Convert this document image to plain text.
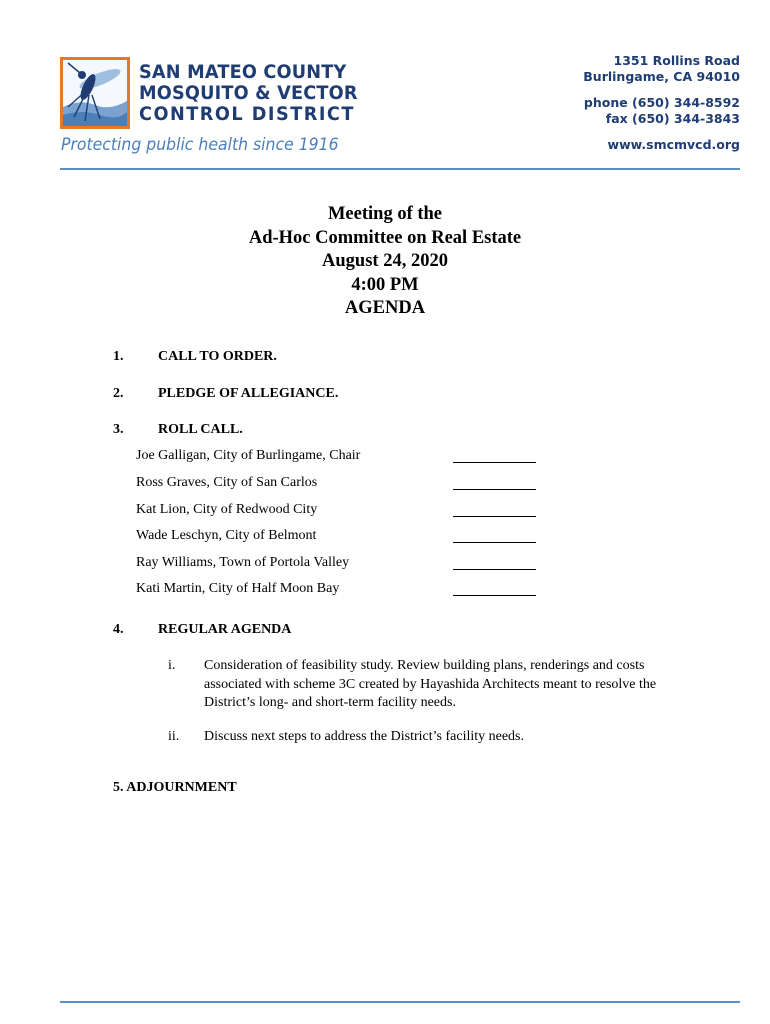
SAN MATEO COUNTY
MOSQUITO & VECTOR
CONTROL DISTRICT
Protecting public health since 1916
1351 Rollins Road
Burlingame, CA 94010
phone (650) 344-8592
fax (650) 344-3843
www.smcmvcd.org
Meeting of the
Ad-Hoc Committee on Real Estate
August 24, 2020
4:00 PM
AGENDA
1. CALL TO ORDER.
2. PLEDGE OF ALLEGIANCE.
3. ROLL CALL.
Joe Galligan, City of Burlingame, Chair
Ross Graves, City of San Carlos
Kat Lion, City of Redwood City
Wade Leschyn, City of Belmont
Ray Williams, Town of Portola Valley
Kati Martin, City of Half Moon Bay
4. REGULAR AGENDA
i.	Consideration of feasibility study. Review building plans, renderings and costs associated with scheme 3C created by Hayashida Architects meant to resolve the District’s long- and short-term facility needs.
ii.	Discuss next steps to address the District’s facility needs.
5. ADJOURNMENT
